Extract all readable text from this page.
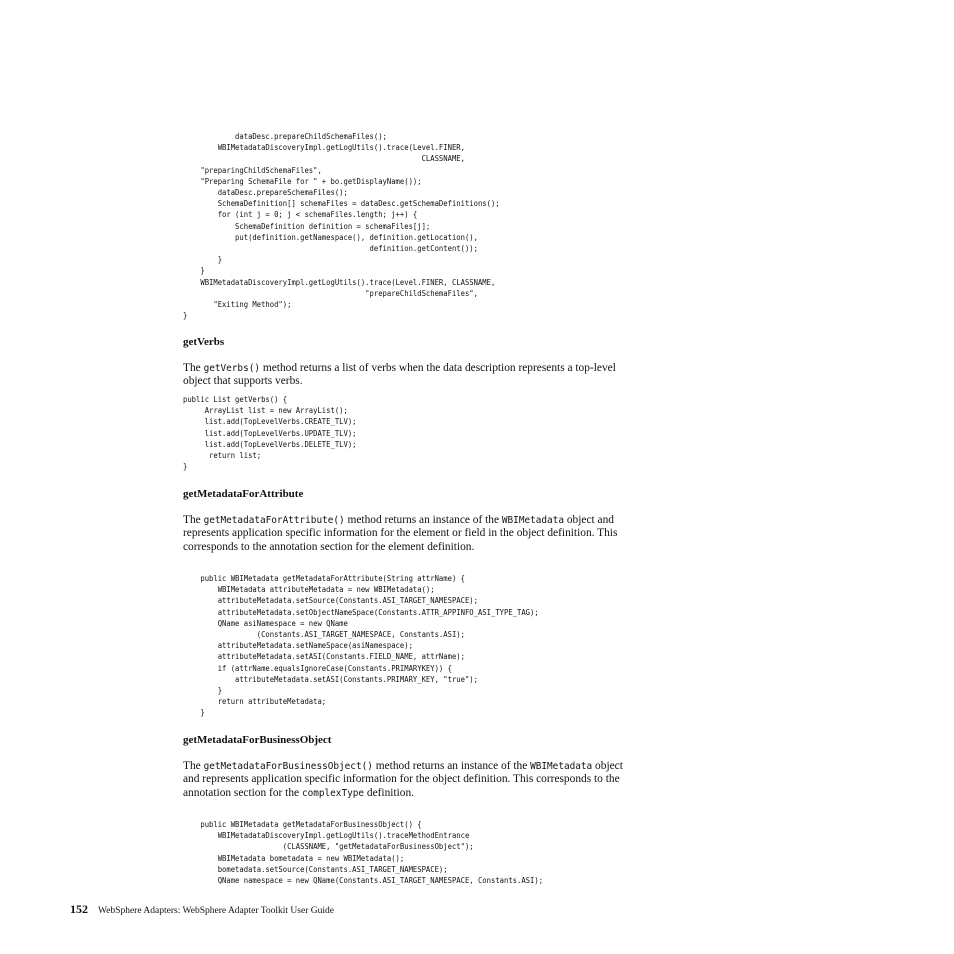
dataDesc.prepareChildSchemaFiles();
WBIMetadataDiscoveryImpl.getLogUtils().trace(Level.FINER,
CLASSNAME,
"preparingChildSchemaFiles",
"Preparing SchemaFile for " + bo.getDisplayName());
dataDesc.prepareSchemaFiles();
SchemaDefinition[] schemaFiles = dataDesc.getSchemaDefinitions();
for (int j = 0; j < schemaFiles.length; j++) {
SchemaDefinition definition = schemaFiles[j];
put(definition.getNamespace(), definition.getLocation(),
definition.getContent());
}
}
WBIMetadataDiscoveryImpl.getLogUtils().trace(Level.FINER, CLASSNAME,
"prepareChildSchemaFiles",
"Exiting Method");
}
getVerbs

The getVerbs() method returns a list of verbs when the data description represents a top-level object that supports verbs.

public List getVerbs() {
ArrayList list = new ArrayList();
list.add(TopLevelVerbs.CREATE_TLV);
list.add(TopLevelVerbs.UPDATE_TLV);
list.add(TopLevelVerbs.DELETE_TLV);
return list;
}
getMetadataForAttribute

The getMetadataForAttribute() method returns an instance of the WBIMetadata object and represents application specific information for the element or field in the object definition. This corresponds to the annotation section for the element definition.

public WBIMetadata getMetadataForAttribute(String attrName) {
WBIMetadata attributeMetadata = new WBIMetadata();
attributeMetadata.setSource(Constants.ASI_TARGET_NAMESPACE);
attributeMetadata.setObjectNameSpace(Constants.ATTR_APPINFO_ASI_TYPE_TAG);
QName asiNamespace = new QName
(Constants.ASI_TARGET_NAMESPACE, Constants.ASI);
attributeMetadata.setNameSpace(asiNamespace);
attributeMetadata.setASI(Constants.FIELD_NAME, attrName);
if (attrName.equalsIgnoreCase(Constants.PRIMARYKEY)) {
attributeMetadata.setASI(Constants.PRIMARY_KEY, "true");
}
return attributeMetadata;
}
getMetadataForBusinessObject

The getMetadataForBusinessObject() method returns an instance of the WBIMetadata object and represents application specific information for the object definition. This corresponds to the annotation section for the complexType definition.

public WBIMetadata getMetadataForBusinessObject() {
WBIMetadataDiscoveryImpl.getLogUtils().traceMethodEntrance
(CLASSNAME, "getMetadataForBusinessObject");
WBIMetadata bometadata = new WBIMetadata();
bometadata.setSource(Constants.ASI_TARGET_NAMESPACE);
QName namespace = new QName(Constants.ASI_TARGET_NAMESPACE, Constants.ASI);
152 WebSphere Adapters: WebSphere Adapter Toolkit User Guide
